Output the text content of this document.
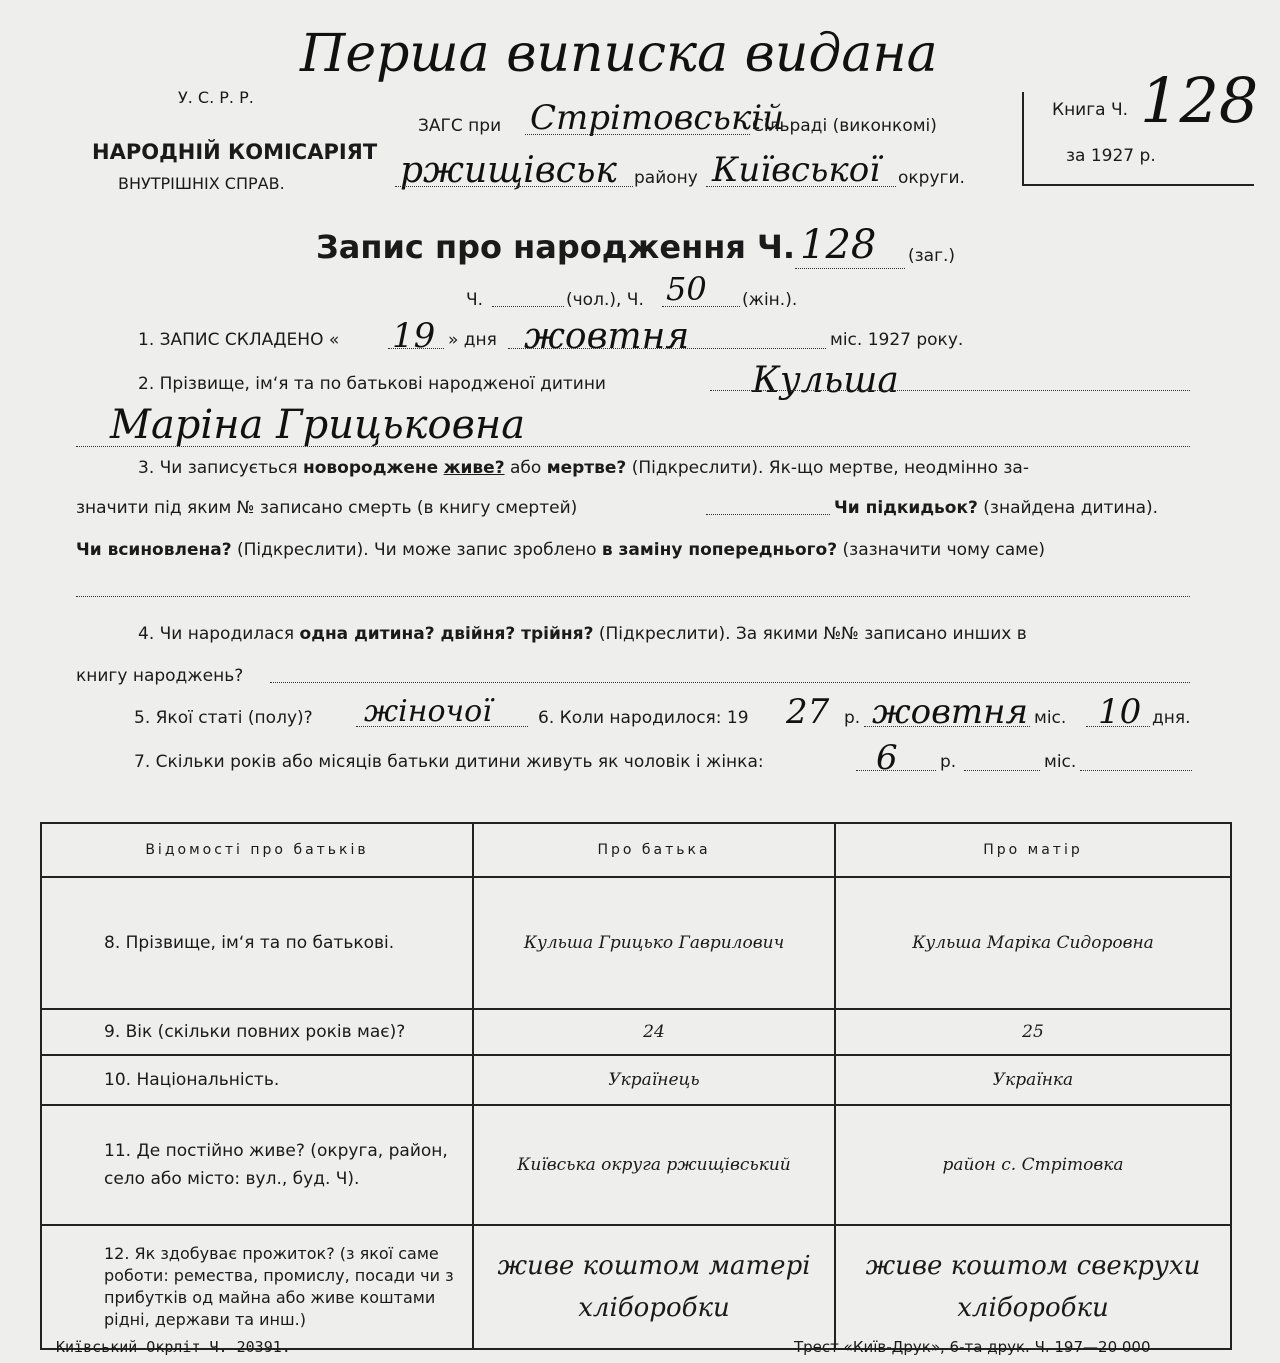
Перша виписка видана
У. С. Р. Р.
НАРОДНІЙ КОМІСАРІЯТ
ВНУТРІШНІХ СПРАВ.
ЗАГС при Стрітовській
Сільраді (виконкомі)
ржищівськ району Київської округи.
Книга Ч. 128
за 1927 р.
Запис про народження Ч. 128 (заг.)
Ч.	(чол.), Ч. 50 (жін.).
1. ЗАПИС СКЛАДЕНО « 19 » дня жовтня	міс. 1927 року.
2. Прізвище, ім‘я та по батькові народженої дитини	Кульша
Маріна Грицьковна
3. Чи записується новороджене живе? або мертве? (Підкреслити). Як-що мертве, неодмінно за-
значити під яким № записано смерть (в книгу смертей)	Чи підкидьок? (знайдена дитина).
Чи всиновлена? (Підкреслити). Чи може запис зроблено в заміну попереднього? (зазначити чому саме)
4. Чи народилася одна дитина? двійня? трійня? (Підкреслити). За якими №№ записано инших в
книгу народжень?
5. Якої статі (полу)? жіночої	6. Коли народилося: 19 27 р. жовтня міс. 10 дня.
7. Скільки років або місяців батьки дитини живуть як чоловік і жінка:	6 р.	міс.
Відомості про батьків	Про батька	Про матір
8. Прізвище, ім‘я та по батькові.	Кульша Грицько Гаврилович	Кульша Маріка Сидоровна
9. Вік (скільки повних років має)?	24	25
10. Національність.	Українець	Українка
11. Де постійно живе? (округа, район, село або місто: вул., буд. Ч).	Київська округа ржищівський	район с. Стрітовка
12. Як здобуває прожиток? (з якої саме роботи: ремества, промислу, посади чи з прибутків од майна або живе коштами рідні, держави та инш.)	живе коштом матері хліборобки	живе коштом свекрухи хліборобки
Київський Окрліт Ч. 20391.	Трест «Київ-Друк», 6-та друк. Ч. 197—20 000
